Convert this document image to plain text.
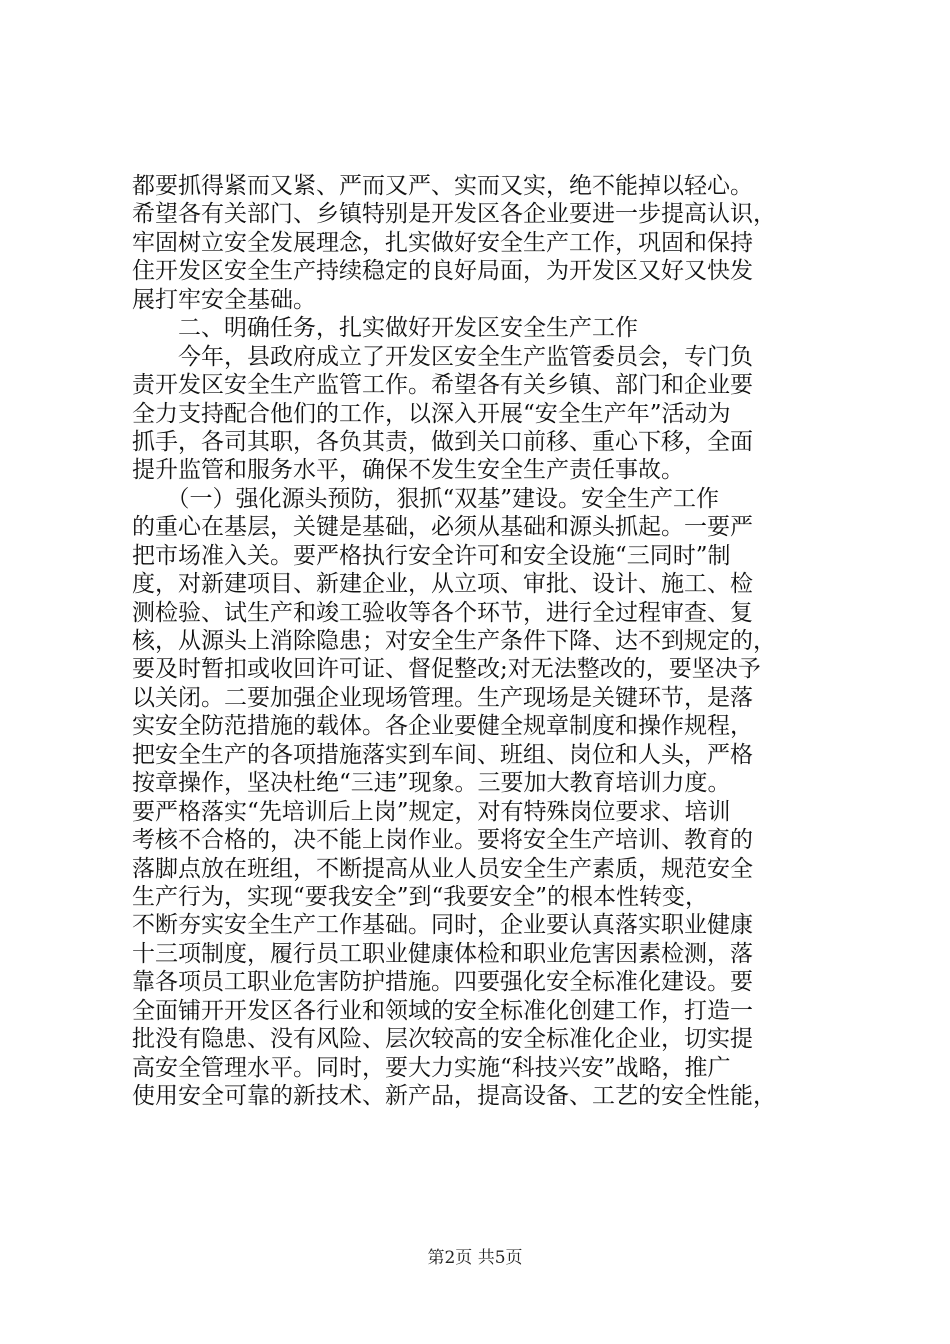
都要抓得紧而又紧、严而又严、实而又实，绝不能掉以轻心。
希望各有关部门、乡镇特别是开发区各企业要进一步提高认识，
牢固树立安全发展理念，扎实做好安全生产工作，巩固和保持
住开发区安全生产持续稳定的良好局面，为开发区又好又快发
展打牢安全基础。
　　二、明确任务，扎实做好开发区安全生产工作
　　今年，县政府成立了开发区安全生产监管委员会，专门负
责开发区安全生产监管工作。希望各有关乡镇、部门和企业要
全力支持配合他们的工作，以深入开展“安全生产年”活动为
抓手，各司其职，各负其责，做到关口前移、重心下移，全面
提升监管和服务水平，确保不发生安全生产责任事故。
　　（一）强化源头预防，狠抓“双基”建设。安全生产工作
的重心在基层，关键是基础，必须从基础和源头抓起。一要严
把市场准入关。要严格执行安全许可和安全设施“三同时”制
度，对新建项目、新建企业，从立项、审批、设计、施工、检
测检验、试生产和竣工验收等各个环节，进行全过程审查、复
核，从源头上消除隐患；对安全生产条件下降、达不到规定的，
要及时暂扣或收回许可证、督促整改;对无法整改的，要坚决予
以关闭。二要加强企业现场管理。生产现场是关键环节，是落
实安全防范措施的载体。各企业要健全规章制度和操作规程，
把安全生产的各项措施落实到车间、班组、岗位和人头，严格
按章操作，坚决杜绝“三违”现象。三要加大教育培训力度。
要严格落实“先培训后上岗”规定，对有特殊岗位要求、培训
考核不合格的，决不能上岗作业。要将安全生产培训、教育的
落脚点放在班组，不断提高从业人员安全生产素质，规范安全
生产行为，实现“要我安全”到“我要安全”的根本性转变，
不断夯实安全生产工作基础。同时，企业要认真落实职业健康
十三项制度，履行员工职业健康体检和职业危害因素检测，落
靠各项员工职业危害防护措施。四要强化安全标准化建设。要
全面铺开开发区各行业和领域的安全标准化创建工作，打造一
批没有隐患、没有风险、层次较高的安全标准化企业，切实提
高安全管理水平。同时，要大力实施“科技兴安”战略，推广
使用安全可靠的新技术、新产品，提高设备、工艺的安全性能，
第2页 共5页
